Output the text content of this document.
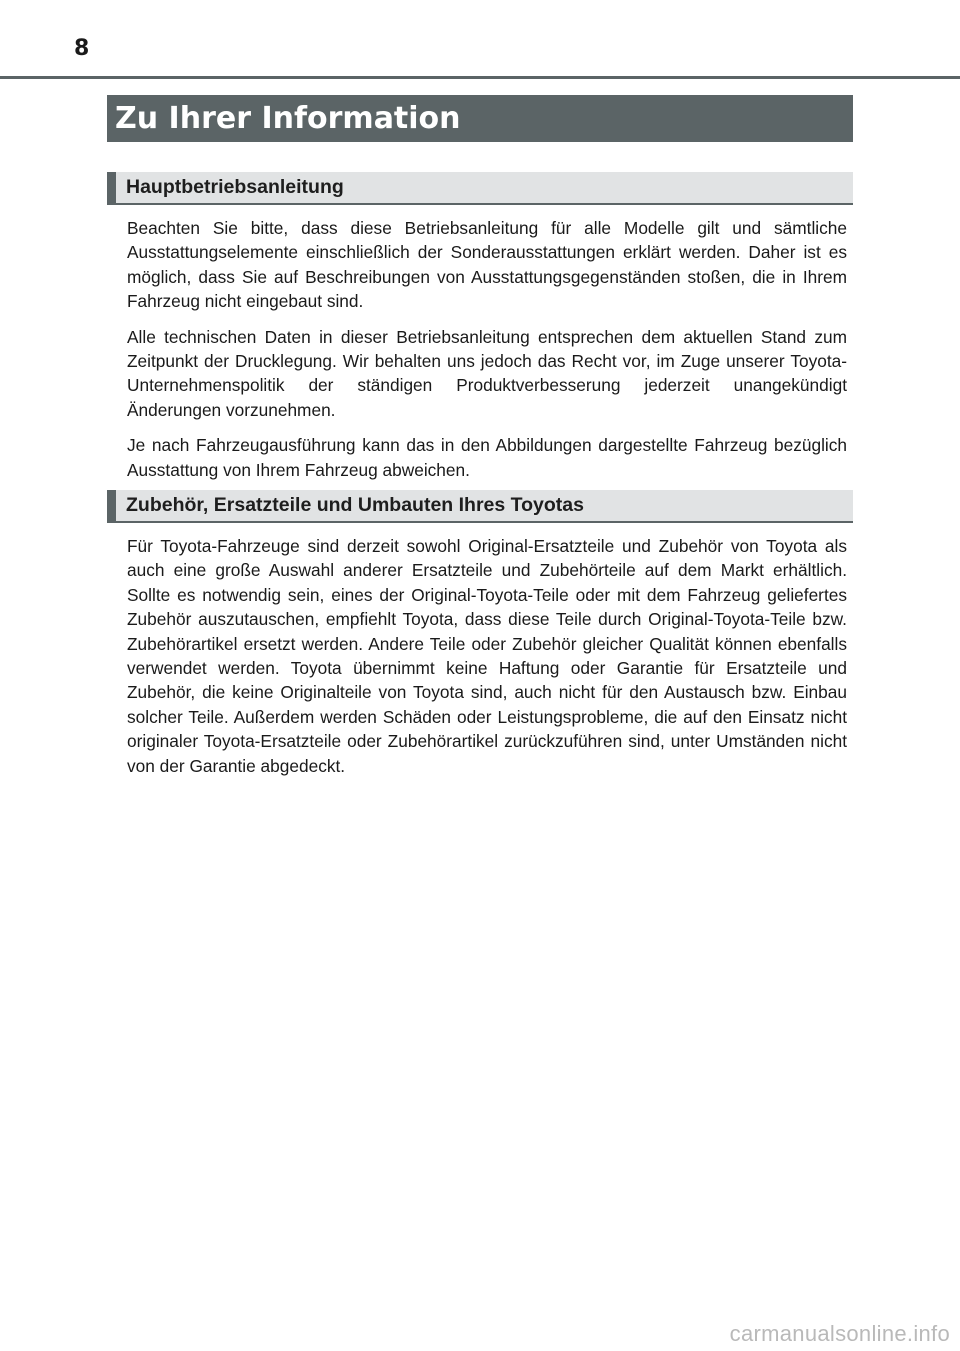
8
Zu Ihrer Information
Hauptbetriebsanleitung

Beachten Sie bitte, dass diese Betriebsanleitung für alle Modelle gilt und sämtliche Ausstattungselemente einschließlich der Sonderausstattungen erklärt werden. Daher ist es möglich, dass Sie auf Beschreibungen von Ausstattungsgegenständen stoßen, die in Ihrem Fahrzeug nicht eingebaut sind.

Alle technischen Daten in dieser Betriebsanleitung entsprechen dem aktuellen Stand zum Zeitpunkt der Drucklegung. Wir behalten uns jedoch das Recht vor, im Zuge unserer Toyota-Unternehmenspolitik der ständigen Produktverbesserung jederzeit unangekündigt Änderungen vorzunehmen.

Je nach Fahrzeugausführung kann das in den Abbildungen dargestellte Fahrzeug bezüglich Ausstattung von Ihrem Fahrzeug abweichen.

Zubehör, Ersatzteile und Umbauten Ihres Toyotas

Für Toyota-Fahrzeuge sind derzeit sowohl Original-Ersatzteile und Zubehör von Toyota als auch eine große Auswahl anderer Ersatzteile und Zubehörteile auf dem Markt erhältlich. Sollte es notwendig sein, eines der Original-Toyota-Teile oder mit dem Fahrzeug geliefertes Zubehör auszutauschen, empfiehlt Toyota, dass diese Teile durch Original-Toyota-Teile bzw. Zubehörartikel ersetzt werden. Andere Teile oder Zubehör gleicher Qualität können ebenfalls verwendet werden. Toyota übernimmt keine Haftung oder Garantie für Ersatzteile und Zubehör, die keine Originalteile von Toyota sind, auch nicht für den Austausch bzw. Einbau solcher Teile. Außerdem werden Schäden oder Leistungsprobleme, die auf den Einsatz nicht originaler Toyota-Ersatzteile oder Zubehörartikel zurückzuführen sind, unter Umständen nicht von der Garantie abgedeckt.

carmanualsonline.info
